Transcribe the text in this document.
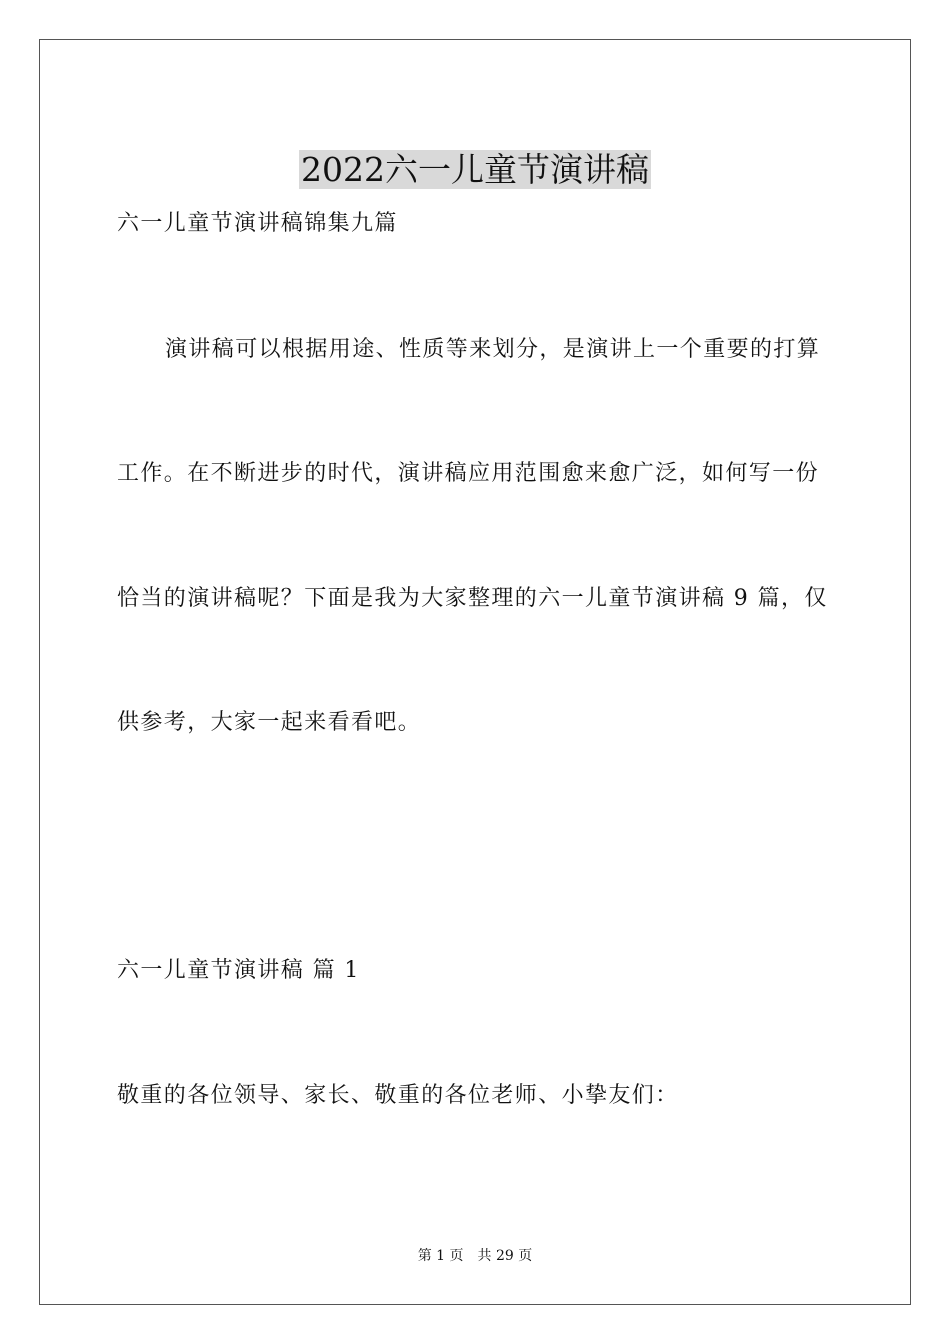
2022六一儿童节演讲稿
六一儿童节演讲稿锦集九篇
演讲稿可以根据用途、性质等来划分，是演讲上一个重要的打算
工作。在不断进步的时代，演讲稿应用范围愈来愈广泛，如何写一份
恰当的演讲稿呢？下面是我为大家整理的六一儿童节演讲稿 9 篇，仅
供参考，大家一起来看看吧。
六一儿童节演讲稿 篇 1
敬重的各位领导、家长、敬重的各位老师、小挚友们：
第 1 页 共 29 页
